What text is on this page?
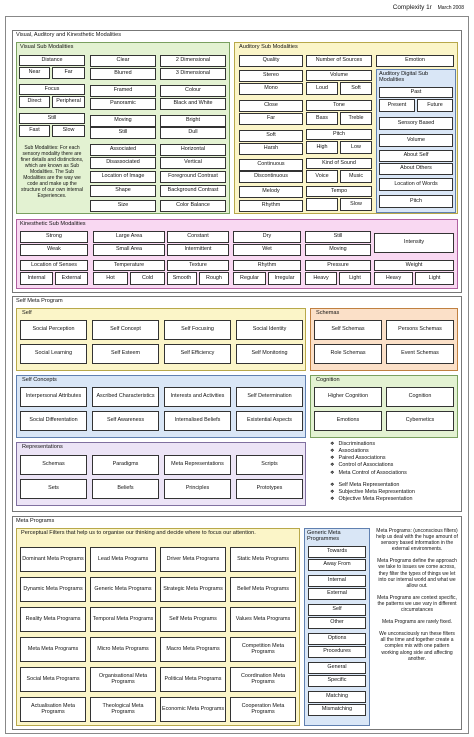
Complexity 1r March 2008
Visual, Auditory and Kinesthetic Modalities
Visual Sub Modalities
Distance
Near	Far
Focus
Direct	Peripheral
Still
Fast	Slow
Sub Modalities: For each sensory modality there are finer details and distinctions, which are known as Sub Modalities. The Sub Modalities are the way we code and make up the structure of our own internal Experiences.
Clear
Blurred
Framed
Panoramic
Moving
Still
Associated
Disassociated
Location of Image
Shape
Size
2 Dimensional
3 Dimensional
Colour
Black and White
Bright
Dull
Horizontal
Vertical
Foreground Contrast
Background Contrast
Color Balance
Auditory Sub Modalities
Quality	Number of Sources	Emotion
Stereo
Mono
Volume
Loud	Soft
Close
Far
Tone
Bass	Treble
Soft
Harsh
Pitch
High	Low
Continuous
Discontinuous
Kind of Sound
Voice	Music
Melody
Rhythm
Tempo
Slow
Auditory Digital Sub Modalities
Past
Present	Future
Sensory Based
Volume
About Self
About Others
Location of Words
Pitch
Kinesthetic Sub Modalities
Strong
Weak
Large Area
Small Area
Constant
Intermittent
Dry
Wet
Still
Moving
Intensity
Location of Senses
Internal	External
Temperature
Hot	Cold
Texture
Smooth	Rough
Rhythm
Regular	Irregular
Pressure
Heavy	Light
Weight
Heavy	Light
Self Meta Program
Self	Schemas
Self Concepts	Cognition
Representations
❖	Discriminations
❖ Associations
❖ Paired Associations
❖ Control of Associations
❖ Meta Control of Associations
❖ Self Meta Representation
❖ Subjective Meta Representation
❖ Objective Meta Representation
Meta Programs
Perceptual Filters that help us to organise our thinking and decide where to focus our attention.	Generic Meta Programmes
Meta Programs: (unconscious filters) help us deal with the huge amount of sensory based information in the external environments.
Meta Programs define the approach we take to issues we come across, they filter the types of things we let into our internal world and what we allow out.
Meta Programs are context specific, the patterns we use vary in different circumstances
Meta Programs are rarely fixed.
We unconsciously run these filters all the time and together create a complex mix with one pattern working along side and affecting another.
Social Perception	Self Concept	Self Focusing	Social Identity
Social Learning	Self Esteem	Self Efficiency	Self Monitoring
Self Schemas	Persons Schemas
Role Schemas	Event Schemas
Interpersonal Attributes	Ascribed Characteristics	Interests and Activities	Self Determination
Social Differentation	Self Awareness	Internalised Beliefs	Existential Aspects
Higher Cognition	Cognition
Emotions	Cybernetics
Schemas	Paradigms	Meta Representations	Scripts
Sets	Beliefs	Principles	Prototypes
Dominant Meta Programs	Lead Meta Programs	Driver Meta Programs	Static Meta Programs
Dynamic Meta Programs	Generic Meta Programs	Strategic Meta Programs	Belief Meta Programs
Reality Meta Programs	Temporal Meta Programs	Self Meta Programs	Values Meta Programs
Meta Meta Programs	Micro Meta Programs	Macro Meta Programs	Competition Meta Programs
Social Meta Programs	Organisational Meta Programs	Political Meta Programs	Coordination Meta Programs
Actualisation Meta Programs
Theological Meta Programs	Economic Meta Programs	Cooperation Meta Programs
Towards
Away From
Internal
External
Self
Other
Options
Procedures
General
Specific
Matching
Mismatching
